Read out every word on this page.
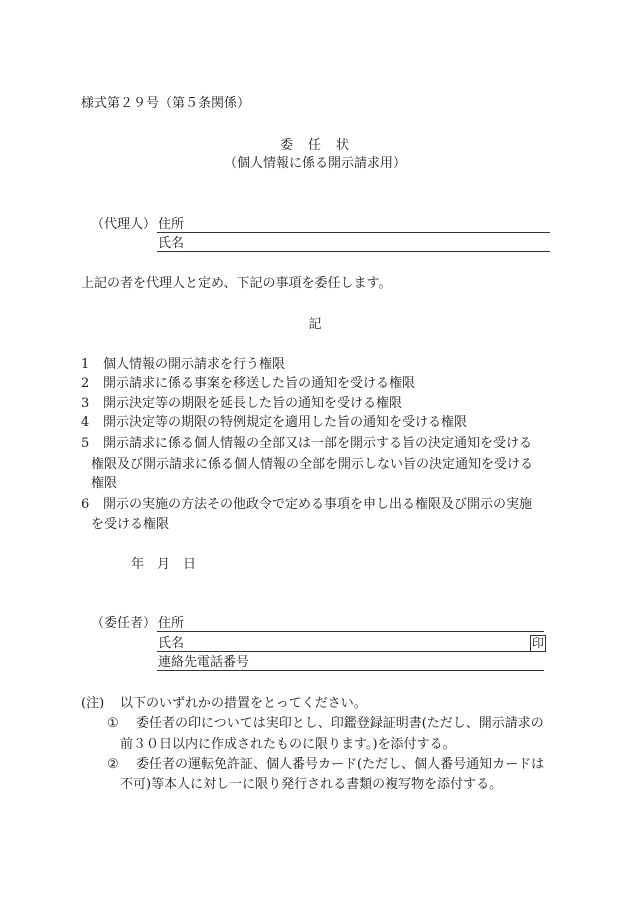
様式第２９号（第５条関係）
委　任　状
（個人情報に係る開示請求用）
（代理人） 住所
氏名
上記の者を代理人と定め、下記の事項を委任します。
記
1 個人情報の開示請求を行う権限
2 開示請求に係る事案を移送した旨の通知を受ける権限
3 開示決定等の期限を延長した旨の通知を受ける権限
4 開示決定等の期限の特例規定を適用した旨の通知を受ける権限
5 開示請求に係る個人情報の全部又は一部を開示する旨の決定通知を受ける
権限及び開示請求に係る個人情報の全部を開示しない旨の決定通知を受ける
権限
6 開示の実施の方法その他政令で定める事項を申し出る権限及び開示の実施
を受ける権限
年　月　日
（委任者） 住所
氏名	印
連絡先電話番号
(注) 以下のいずれかの措置をとってください。
① 委任者の印については実印とし、印鑑登録証明書(ただし、開示請求の
前３０日以内に作成されたものに限ります。)を添付する。
② 委任者の運転免許証、個人番号カード(ただし、個人番号通知カードは
不可)等本人に対し一に限り発行される書類の複写物を添付する。
